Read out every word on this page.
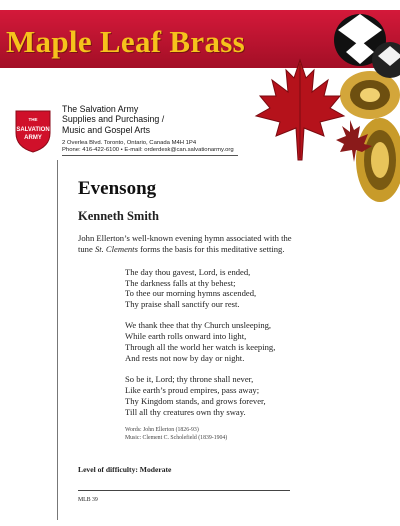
Maple Leaf Brass
THE
SALVATION
ARMY
The Salvation Army
Supplies and Purchasing /
Music and Gospel Arts
2 Overlea Blvd. Toronto, Ontario, Canada M4H 1P4
Phone: 416-422-6100 • E-mail: orderdesk@can.salvationarmy.org
Evensong
Kenneth Smith
John Ellerton’s well-known evening hymn associated with the tune St. Clements forms the basis for this meditative setting.
The day thou gavest, Lord, is ended,
The darkness falls at thy behest;
To thee our morning hymns ascended,
Thy praise shall sanctify our rest.
We thank thee that thy Church unsleeping,
While earth rolls onward into light,
Through all the world her watch is keeping,
And rests not now by day or night.
So be it, Lord; thy throne shall never,
Like earth’s proud empires, pass away;
Thy Kingdom stands, and grows forever,
Till all thy creatures own thy sway.
Words: John Ellerton (1826-93)
Music: Clement C. Scholefield (1839-1904)
Level of difficulty: Moderate
MLB 39
